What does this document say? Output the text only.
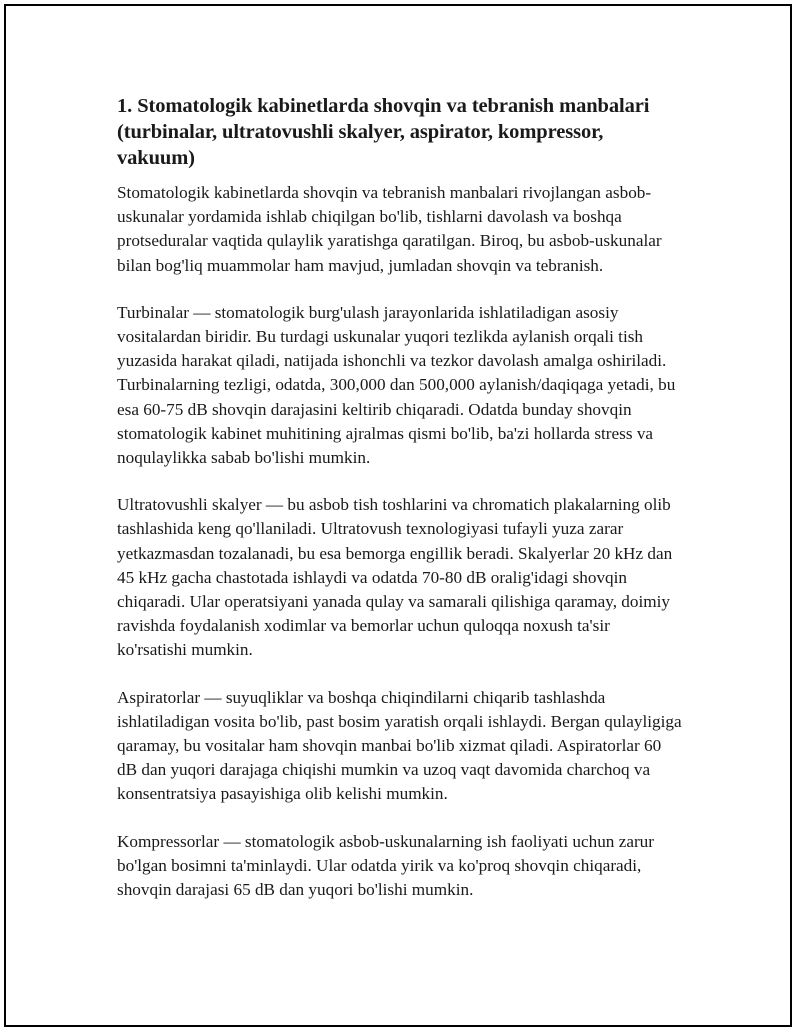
1. Stomatologik kabinetlarda shovqin va tebranish manbalari (turbinalar, ultratovushli skalyer, aspirator, kompressor, vakuum)

Stomatologik kabinetlarda shovqin va tebranish manbalari rivojlangan asbob-uskunalar yordamida ishlab chiqilgan bo'lib, tishlarni davolash va boshqa protseduralar vaqtida qulaylik yaratishga qaratilgan. Biroq, bu asbob-uskunalar bilan bog'liq muammolar ham mavjud, jumladan shovqin va tebranish.

Turbinalar — stomatologik burg'ulash jarayonlarida ishlatiladigan asosiy vositalardan biridir. Bu turdagi uskunalar yuqori tezlikda aylanish orqali tish yuzasida harakat qiladi, natijada ishonchli va tezkor davolash amalga oshiriladi. Turbinalarning tezligi, odatda, 300,000 dan 500,000 aylanish/daqiqaga yetadi, bu esa 60-75 dB shovqin darajasini keltirib chiqaradi. Odatda bunday shovqin stomatologik kabinet muhitining ajralmas qismi bo'lib, ba'zi hollarda stress va noqulaylikka sabab bo'lishi mumkin.

Ultratovushli skalyer — bu asbob tish toshlarini va chromatich plakalarning olib tashlashida keng qo'llaniladi. Ultratovush texnologiyasi tufayli yuza zarar yetkazmasdan tozalanadi, bu esa bemorga engillik beradi. Skalyerlar 20 kHz dan 45 kHz gacha chastotada ishlaydi va odatda 70-80 dB oralig'idagi shovqin chiqaradi. Ular operatsiyani yanada qulay va samarali qilishiga qaramay, doimiy ravishda foydalanish xodimlar va bemorlar uchun quloqqa noxush ta'sir ko'rsatishi mumkin.

Aspiratorlar — suyuqliklar va boshqa chiqindilarni chiqarib tashlashda ishlatiladigan vosita bo'lib, past bosim yaratish orqali ishlaydi. Bergan qulayligiga qaramay, bu vositalar ham shovqin manbai bo'lib xizmat qiladi. Aspiratorlar 60 dB dan yuqori darajaga chiqishi mumkin va uzoq vaqt davomida charchoq va konsentratsiya pasayishiga olib kelishi mumkin.

Kompressorlar — stomatologik asbob-uskunalarning ish faoliyati uchun zarur bo'lgan bosimni ta'minlaydi. Ular odatda yirik va ko'proq shovqin chiqaradi, shovqin darajasi 65 dB dan yuqori bo'lishi mumkin.
